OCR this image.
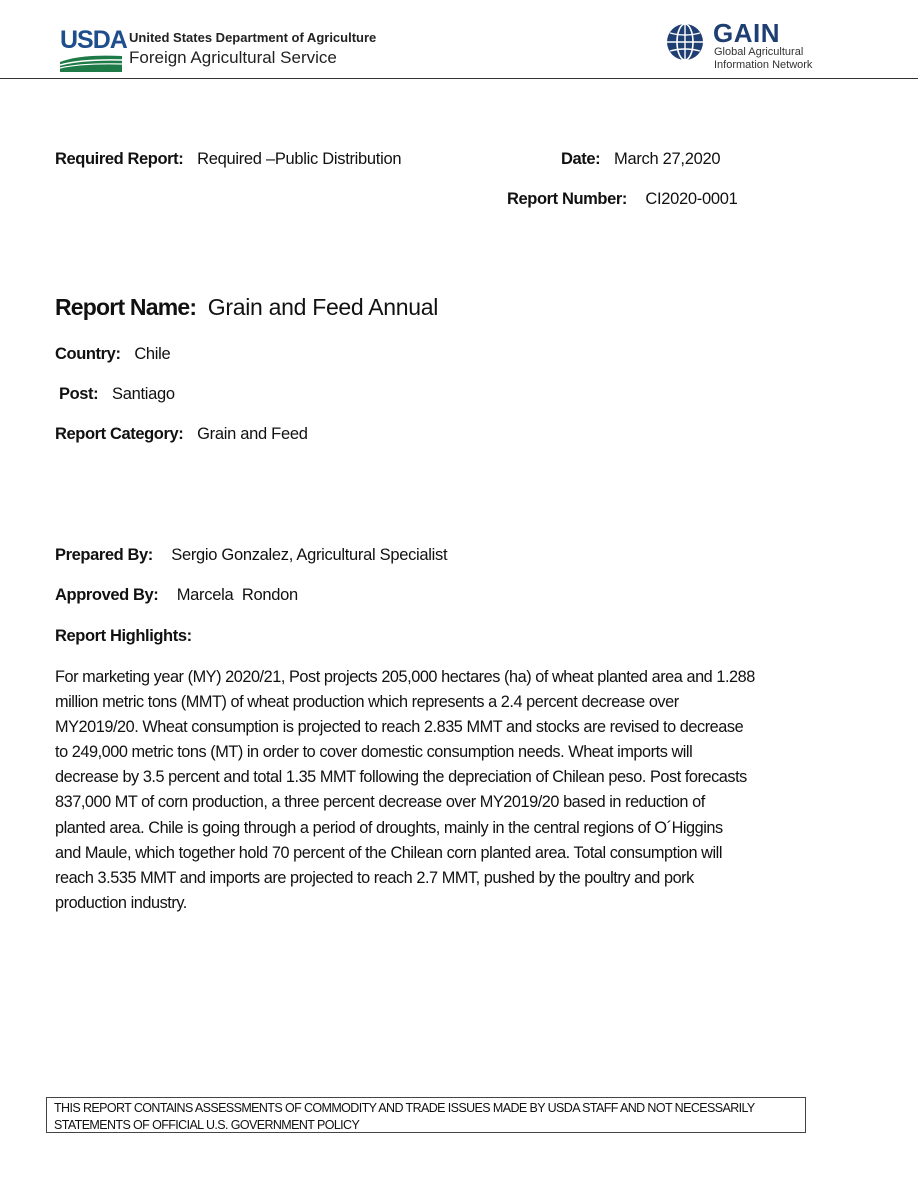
USDA United States Department of Agriculture
Foreign Agricultural Service
GAIN
Global Agricultural
Information Network
Required Report: Required –Public Distribution	Date: March 27,2020
Report Number: CI2020-0001
Report Name: Grain and Feed Annual
Country: Chile
Post: Santiago
Report Category: Grain and Feed
Prepared By: Sergio Gonzalez, Agricultural Specialist
Approved By: Marcela  Rondon
Report Highlights:
For marketing year (MY) 2020/21, Post projects 205,000 hectares (ha) of wheat planted area and 1.288
million metric tons (MMT) of wheat production which represents a 2.4 percent decrease over
MY2019/20. Wheat consumption is projected to reach 2.835 MMT and stocks are revised to decrease
to 249,000 metric tons (MT) in order to cover domestic consumption needs. Wheat imports will
decrease by 3.5 percent and total 1.35 MMT following the depreciation of Chilean peso. Post forecasts
837,000 MT of corn production, a three percent decrease over MY2019/20 based in reduction of
planted area. Chile is going through a period of droughts, mainly in the central regions of O´Higgins
and Maule, which together hold 70 percent of the Chilean corn planted area. Total consumption will
reach 3.535 MMT and imports are projected to reach 2.7 MMT, pushed by the poultry and pork
production industry.
THIS REPORT CONTAINS ASSESSMENTS OF COMMODITY AND TRADE ISSUES MADE BY USDA STAFF AND NOT NECESSARILY
STATEMENTS OF OFFICIAL U.S. GOVERNMENT POLICY
